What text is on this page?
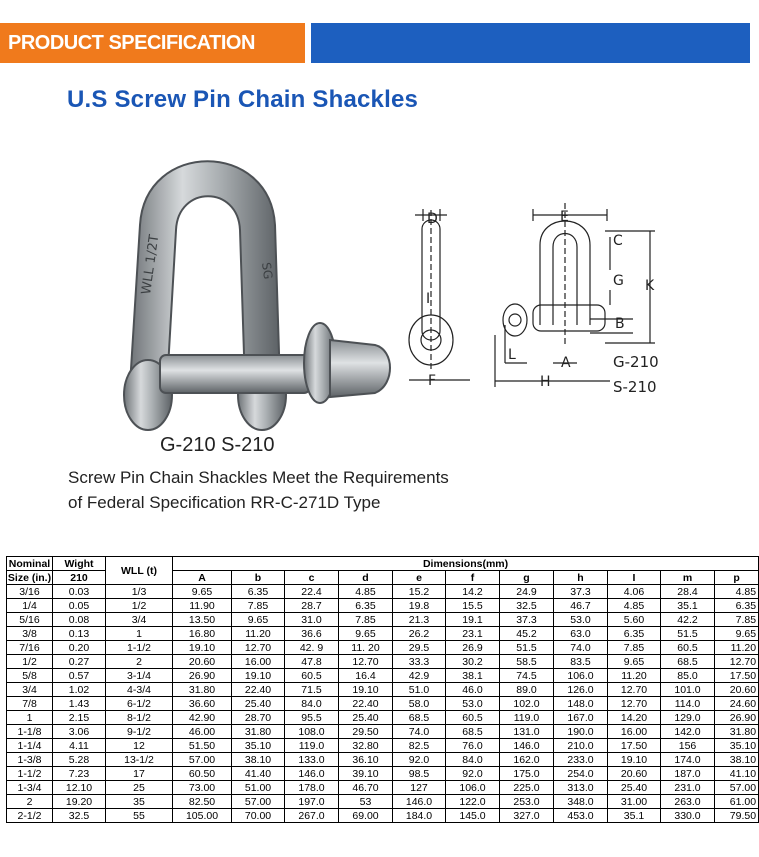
PRODUCT SPECIFICATION
U.S Screw Pin Chain Shackles
WLL 1/2T	SG
G-210 S-210
D
I
F
E
C
G K
B
L	A
H
G-210
S-210
Screw Pin Chain Shackles Meet the Requirements
of Federal Specification RR-C-271D Type
Nominal	Wight	WLL (t)	Dimensions(mm)										
Size (in.)	210		A	b	c	d	e	f	g	h	I	m	p
3/16	0.03	1/3	9.65	6.35	22.4	4.85	15.2	14.2	24.9	37.3	4.06	28.4	4.85
1/4	0.05	1/2	11.90	7.85	28.7	6.35	19.8	15.5	32.5	46.7	4.85	35.1	6.35
5/16	0.08	3/4	13.50	9.65	31.0	7.85	21.3	19.1	37.3	53.0	5.60	42.2	7.85
3/8	0.13	1	16.80	11.20	36.6	9.65	26.2	23.1	45.2	63.0	6.35	51.5	9.65
7/16	0.20	1-1/2	19.10	12.70	42. 9	11. 20	29.5	26.9	51.5	74.0	7.85	60.5	11.20
1/2	0.27	2	20.60	16.00	47.8	12.70	33.3	30.2	58.5	83.5	9.65	68.5	12.70
5/8	0.57	3-1/4	26.90	19.10	60.5	16.4	42.9	38.1	74.5	106.0	11.20	85.0	17.50
3/4	1.02	4-3/4	31.80	22.40	71.5	19.10	51.0	46.0	89.0	126.0	12.70	101.0	20.60
7/8	1.43	6-1/2	36.60	25.40	84.0	22.40	58.0	53.0	102.0	148.0	12.70	114.0	24.60
1	2.15	8-1/2	42.90	28.70	95.5	25.40	68.5	60.5	119.0	167.0	14.20	129.0	26.90
1-1/8	3.06	9-1/2	46.00	31.80	108.0	29.50	74.0	68.5	131.0	190.0	16.00	142.0	31.80
1-1/4	4.11	12	51.50	35.10	119.0	32.80	82.5	76.0	146.0	210.0	17.50	156	35.10
1-3/8	5.28	13-1/2	57.00	38.10	133.0	36.10	92.0	84.0	162.0	233.0	19.10	174.0	38.10
1-1/2	7.23	17	60.50	41.40	146.0	39.10	98.5	92.0	175.0	254.0	20.60	187.0	41.10
1-3/4	12.10	25	73.00	51.00	178.0	46.70	127	106.0	225.0	313.0	25.40	231.0	57.00
2	19.20	35	82.50	57.00	197.0	53	146.0	122.0	253.0	348.0	31.00	263.0	61.00
2-1/2	32.5	55	105.00	70.00	267.0	69.00	184.0	145.0	327.0	453.0	35.1	330.0	79.50
